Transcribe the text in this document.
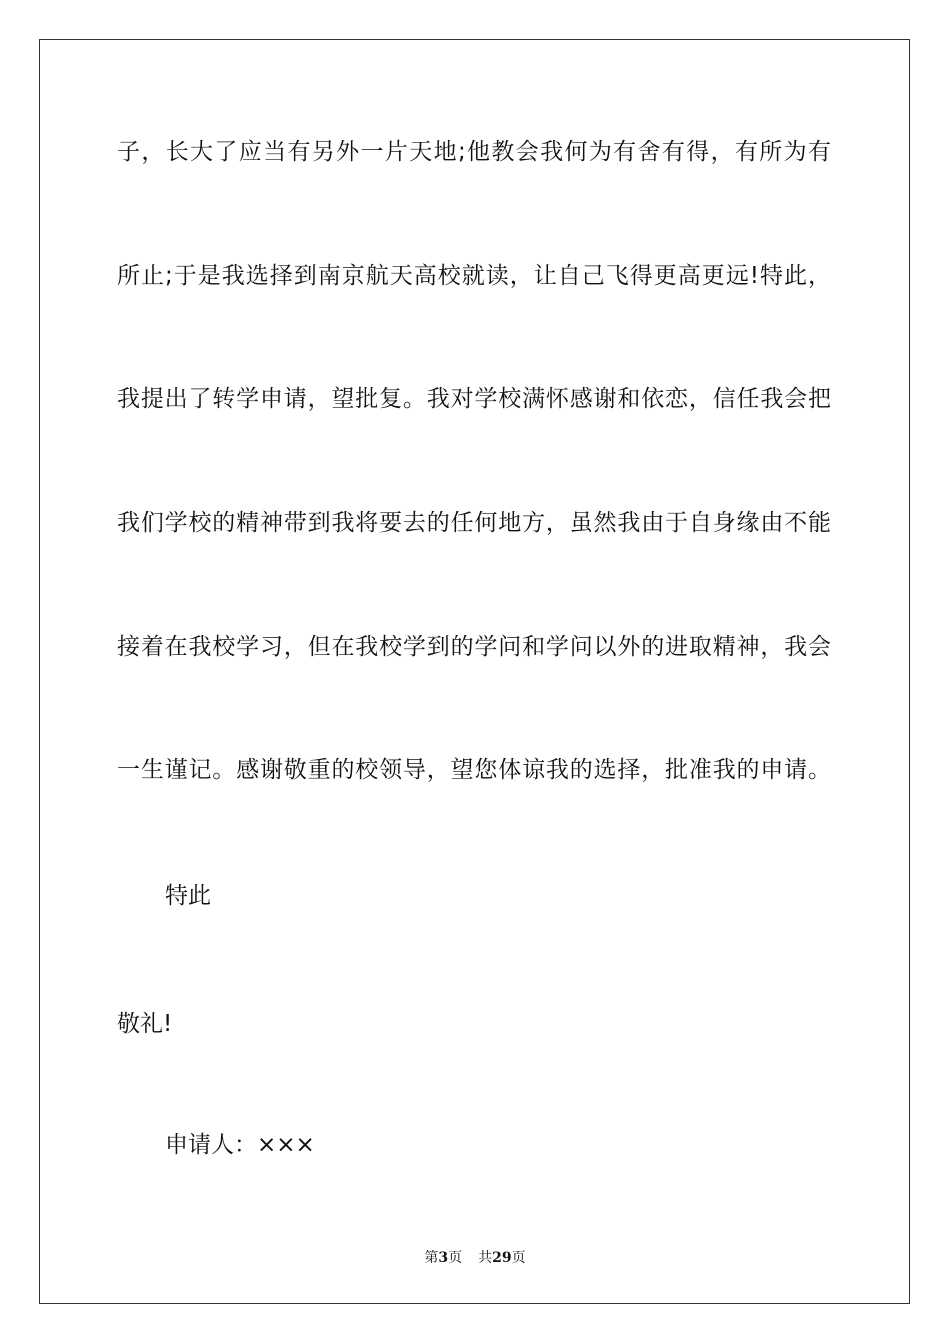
子，长大了应当有另外一片天地;他教会我何为有舍有得，有所为有
所止;于是我选择到南京航天高校就读，让自己飞得更高更远!特此，
我提出了转学申请，望批复。我对学校满怀感谢和依恋，信任我会把
我们学校的精神带到我将要去的任何地方，虽然我由于自身缘由不能
接着在我校学习，但在我校学到的学问和学问以外的进取精神，我会
一生谨记。感谢敬重的校领导，望您体谅我的选择，批准我的申请。
特此
敬礼!
申请人：×××
第3页 共29页
